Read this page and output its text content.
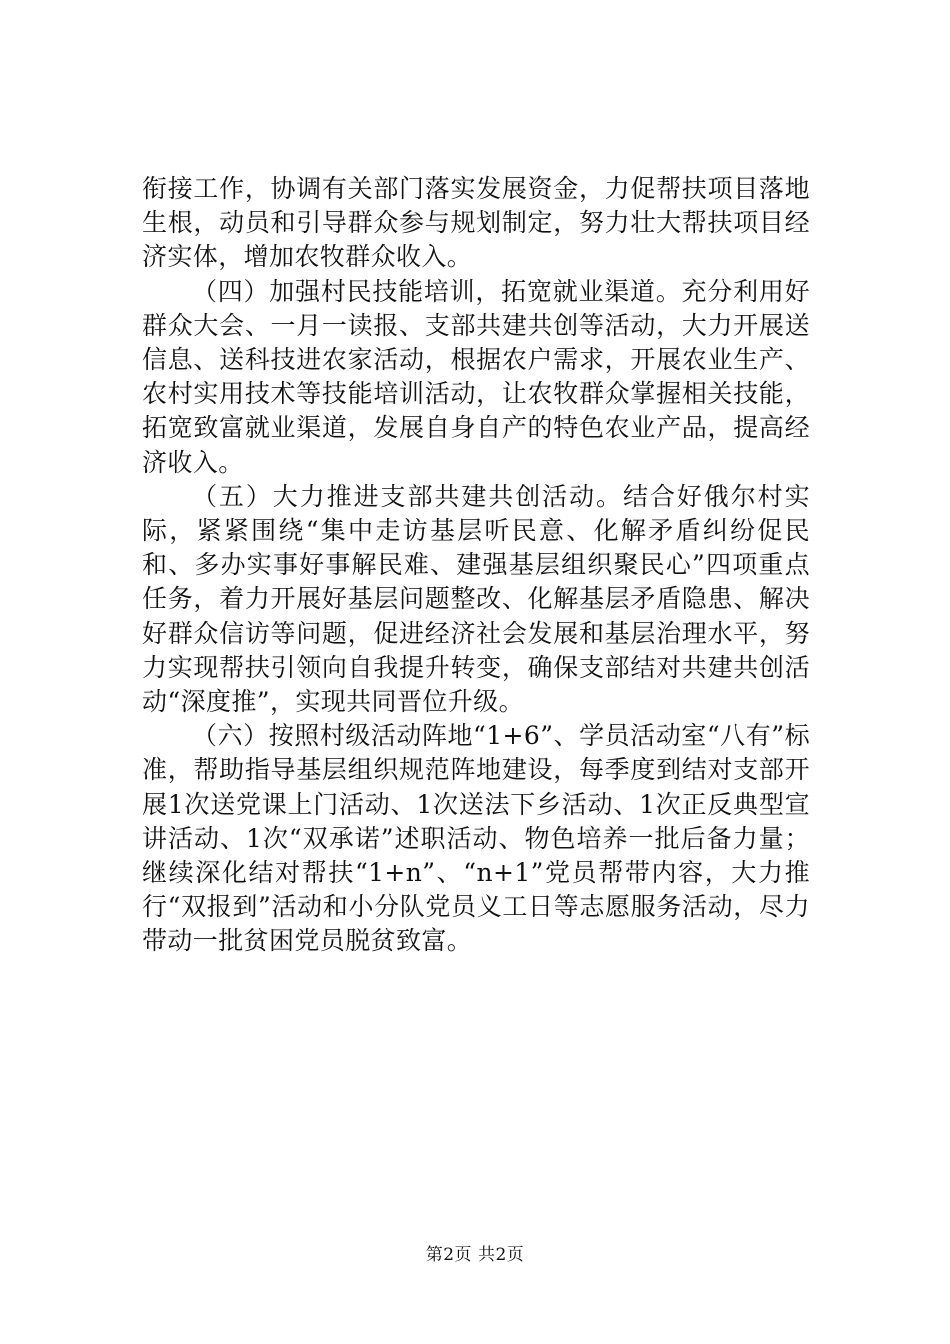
衔接工作，协调有关部门落实发展资金，力促帮扶项目落地生根，动员和引导群众参与规划制定，努力壮大帮扶项目经济实体，增加农牧群众收入。

（四）加强村民技能培训，拓宽就业渠道。充分利用好群众大会、一月一读报、支部共建共创等活动，大力开展送信息、送科技进农家活动，根据农户需求，开展农业生产、农村实用技术等技能培训活动，让农牧群众掌握相关技能，拓宽致富就业渠道，发展自身自产的特色农业产品，提高经济收入。

（五）大力推进支部共建共创活动。结合好俄尔村实际，紧紧围绕“集中走访基层听民意、化解矛盾纠纷促民和、多办实事好事解民难、建强基层组织聚民心”四项重点任务，着力开展好基层问题整改、化解基层矛盾隐患、解决好群众信访等问题，促进经济社会发展和基层治理水平，努力实现帮扶引领向自我提升转变，确保支部结对共建共创活动“深度推”，实现共同晋位升级。

（六）按照村级活动阵地“1+6”、学员活动室“八有”标准，帮助指导基层组织规范阵地建设，每季度到结对支部开展1次送党课上门活动、1次送法下乡活动、1次正反典型宣讲活动、1次“双承诺”述职活动、物色培养一批后备力量；继续深化结对帮扶“1+n”、“n+1”党员帮带内容，大力推行“双报到”活动和小分队党员义工日等志愿服务活动，尽力带动一批贫困党员脱贫致富。

第2页 共2页
